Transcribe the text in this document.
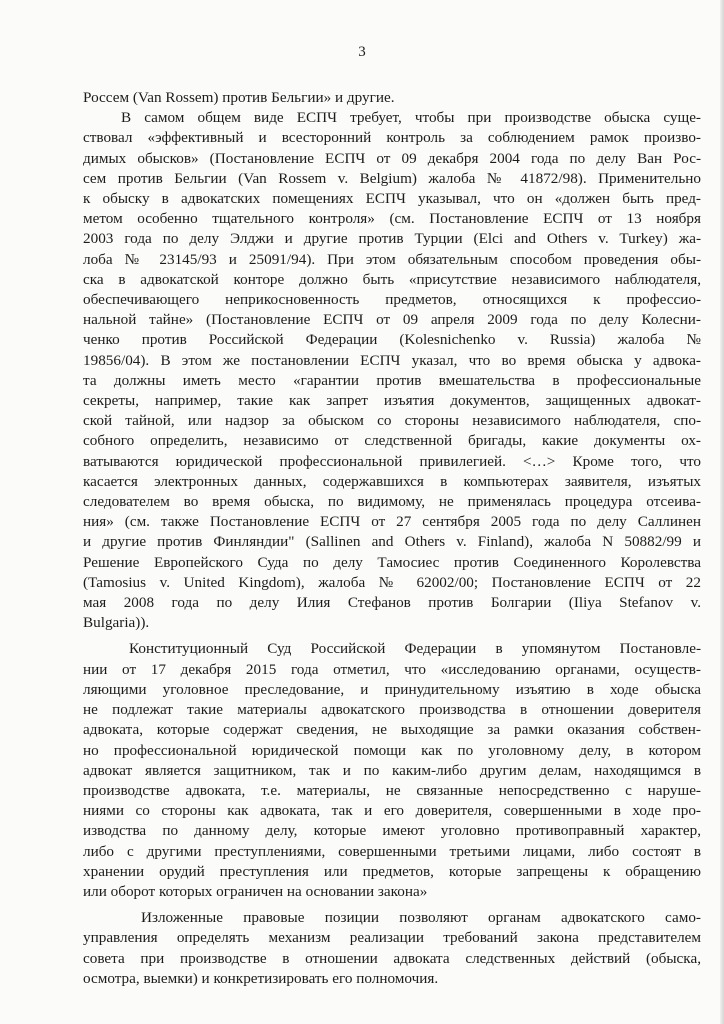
3
Россем (Van Rossem) против Бельгии» и другие.
В самом общем виде ЕСПЧ требует, чтобы при производстве обыска суще-
ствовал «эффективный и всесторонний контроль за соблюдением рамок произво-
димых обысков» (Постановление ЕСПЧ от 09 декабря 2004 года по делу Ван Рос-
сем против Бельгии (Van Rossem v. Belgium) жалоба № 41872/98). Применительно
к обыску в адвокатских помещениях ЕСПЧ указывал, что он «должен быть пред-
метом особенно тщательного контроля» (см. Постановление ЕСПЧ от 13 ноября
2003 года по делу Элджи и другие против Турции (Elci and Others v. Turkey) жа-
лоба № 23145/93 и 25091/94). При этом обязательным способом проведения обы-
ска в адвокатской конторе должно быть «присутствие независимого наблюдателя,
обеспечивающего неприкосновенность предметов, относящихся к профессио-
нальной тайне» (Постановление ЕСПЧ от 09 апреля 2009 года по делу Колесни-
ченко против Российской Федерации (Kolesnichenko v. Russia) жалоба №
19856/04). В этом же постановлении ЕСПЧ указал, что во время обыска у адвока-
та должны иметь место «гарантии против вмешательства в профессиональные
секреты, например, такие как запрет изъятия документов, защищенных адвокат-
ской тайной, или надзор за обыском со стороны независимого наблюдателя, спо-
собного определить, независимо от следственной бригады, какие документы ох-
ватываются юридической профессиональной привилегией. <…> Кроме того, что
касается электронных данных, содержавшихся в компьютерах заявителя, изъятых
следователем во время обыска, по видимому, не применялась процедура отсеива-
ния» (см. также Постановление ЕСПЧ от 27 сентября 2005 года по делу Саллинен
и другие против Финляндии" (Sallinen and Others v. Finland), жалоба N 50882/99 и
Решение Европейского Суда по делу Тамосиес против Соединенного Королевства
(Tamosius v. United Kingdom), жалоба № 62002/00; Постановление ЕСПЧ от 22
мая 2008 года по делу Илия Стефанов против Болгарии (Iliya Stefanov v.
Bulgaria)).
Конституционный Суд Российской Федерации в упомянутом Постановле-
нии от 17 декабря 2015 года отметил, что «исследованию органами, осуществ-
ляющими уголовное преследование, и принудительному изъятию в ходе обыска
не подлежат такие материалы адвокатского производства в отношении доверителя
адвоката, которые содержат сведения, не выходящие за рамки оказания собствен-
но профессиональной юридической помощи как по уголовному делу, в котором
адвокат является защитником, так и по каким-либо другим делам, находящимся в
производстве адвоката, т.е. материалы, не связанные непосредственно с наруше-
ниями со стороны как адвоката, так и его доверителя, совершенными в ходе про-
изводства по данному делу, которые имеют уголовно противоправный характер,
либо с другими преступлениями, совершенными третьими лицами, либо состоят в
хранении орудий преступления или предметов, которые запрещены к обращению
или оборот которых ограничен на основании закона»
Изложенные правовые позиции позволяют органам адвокатского само-
управления определять механизм реализации требований закона представителем
совета при производстве в отношении адвоката следственных действий (обыска,
осмотра, выемки) и конкретизировать его полномочия.
